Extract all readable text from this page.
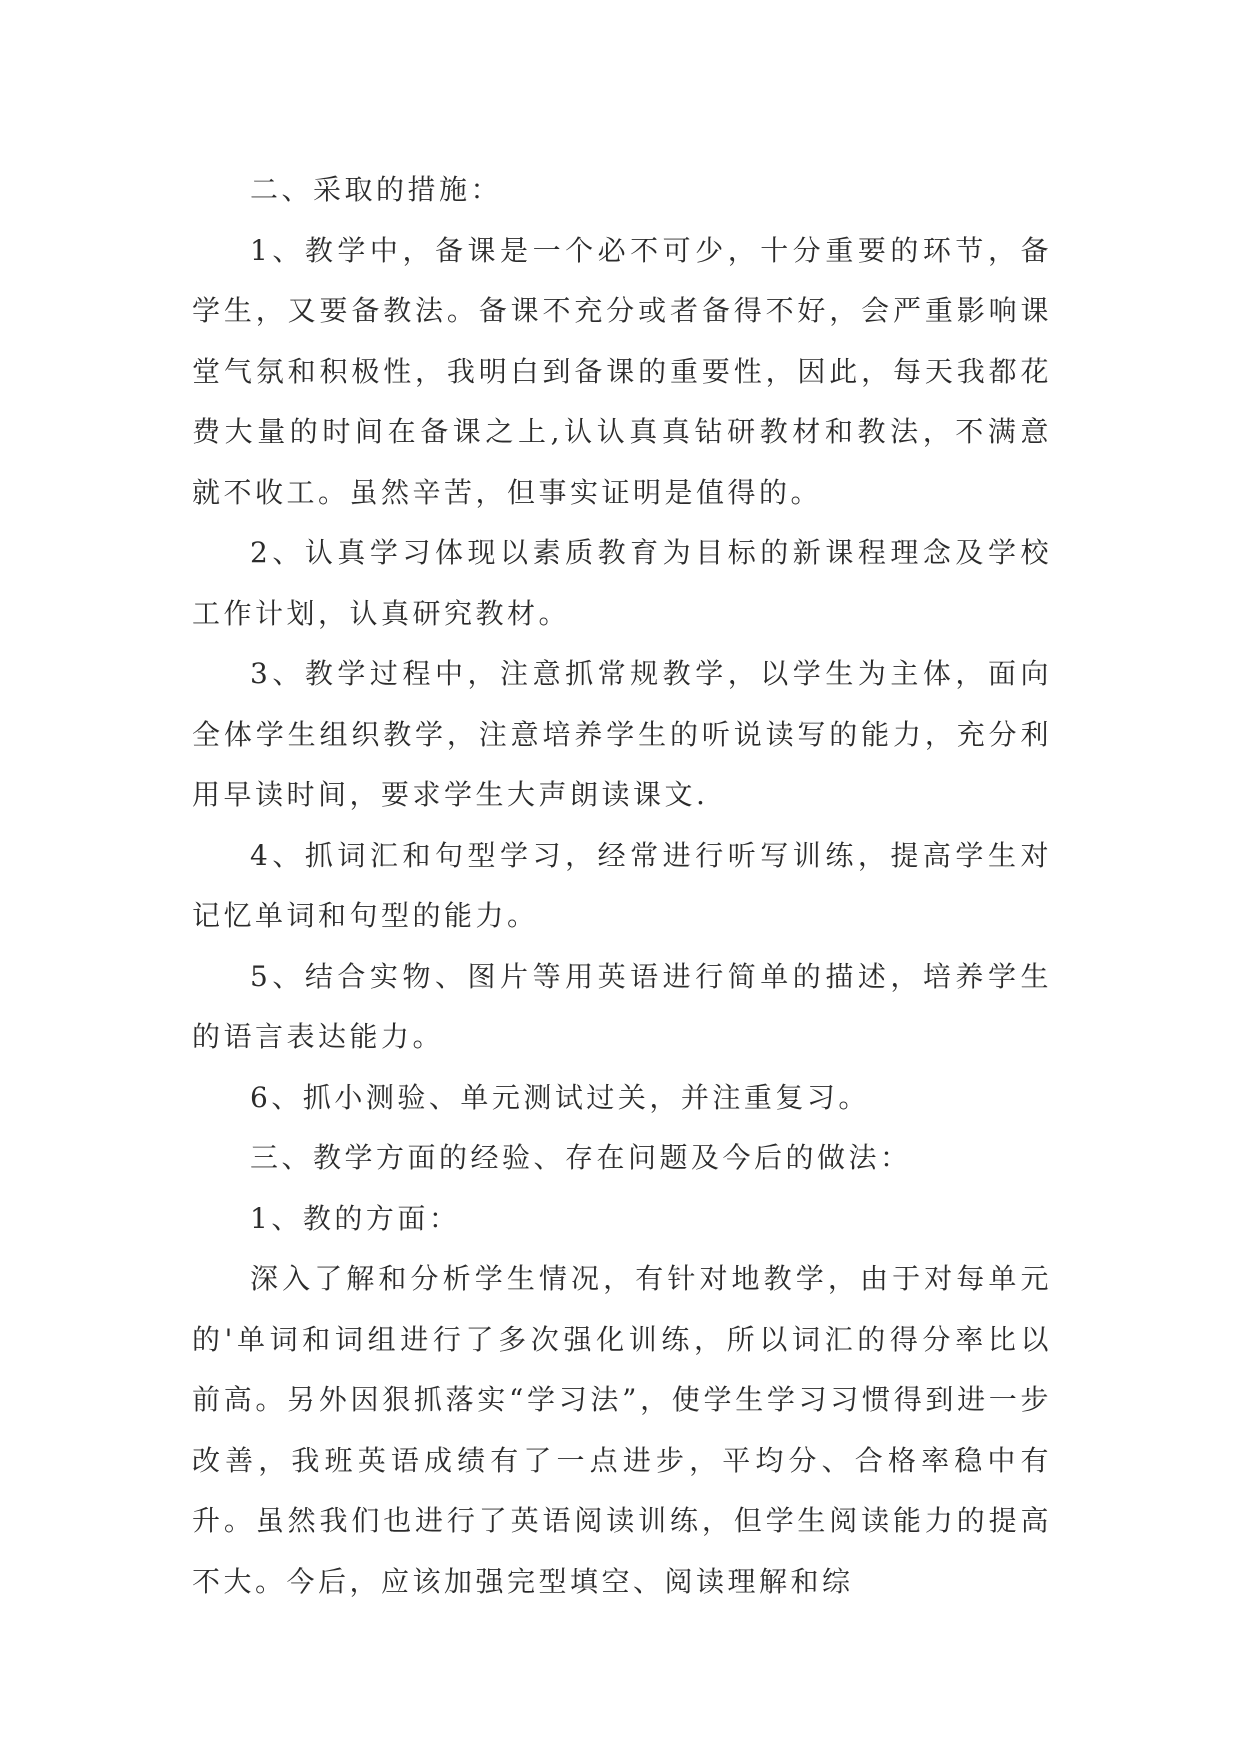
二、采取的措施：

1、教学中，备课是一个必不可少，十分重要的环节，备学生，又要备教法。备课不充分或者备得不好，会严重影响课堂气氛和积极性，我明白到备课的重要性，因此，每天我都花费大量的时间在备课之上,认认真真钻研教材和教法，不满意就不收工。虽然辛苦，但事实证明是值得的。

2、认真学习体现以素质教育为目标的新课程理念及学校工作计划，认真研究教材。

3、教学过程中，注意抓常规教学，以学生为主体，面向全体学生组织教学，注意培养学生的听说读写的能力，充分利用早读时间，要求学生大声朗读课文.

4、抓词汇和句型学习，经常进行听写训练，提高学生对记忆单词和句型的能力。

5、结合实物、图片等用英语进行简单的描述，培养学生的语言表达能力。

6、抓小测验、单元测试过关，并注重复习。

三、教学方面的经验、存在问题及今后的做法：

1、教的方面：

深入了解和分析学生情况，有针对地教学，由于对每单元的'单词和词组进行了多次强化训练，所以词汇的得分率比以前高。另外因狠抓落实“学习法”，使学生学习习惯得到进一步改善，我班英语成绩有了一点进步，平均分、合格率稳中有升。虽然我们也进行了英语阅读训练，但学生阅读能力的提高不大。今后，应该加强完型填空、阅读理解和综
